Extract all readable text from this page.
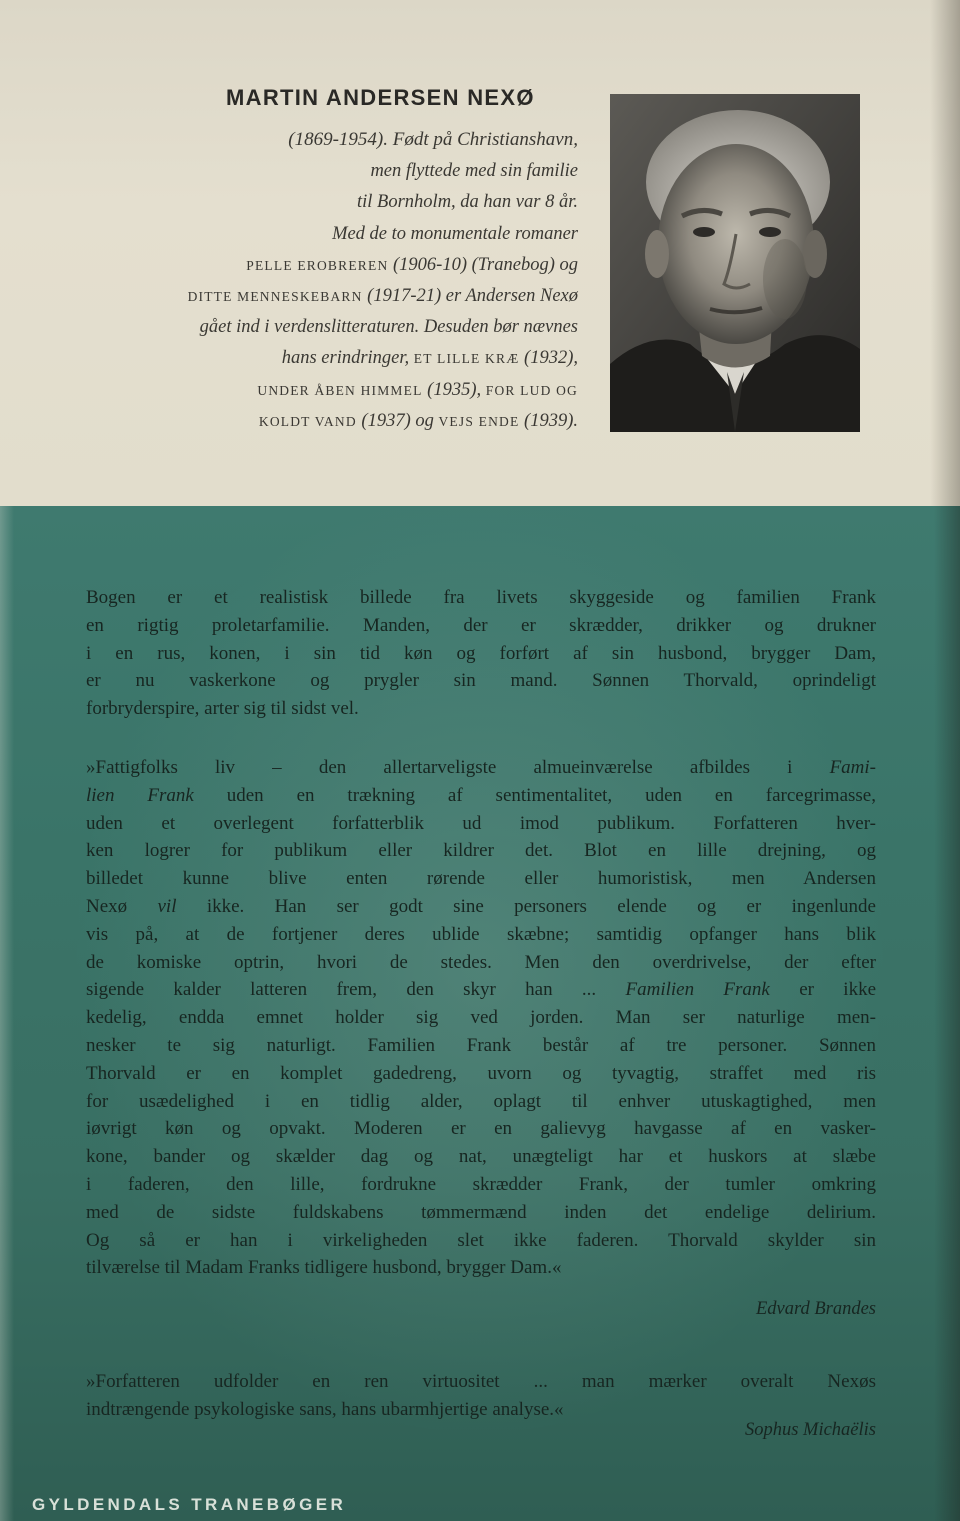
MARTIN ANDERSEN NEXØ
(1869-1954). Født på Christianshavn,
men flyttede med sin familie
til Bornholm, da han var 8 år.
Med de to monumentale romaner
PELLE EROBREREN (1906-10) (Tranebog) og
DITTE MENNESKEBARN (1917-21) er Andersen Nexø
gået ind i verdenslitteraturen. Desuden bør nævnes
hans erindringer, ET LILLE KRÆ (1932),
UNDER ÅBEN HIMMEL (1935), FOR LUD OG
KOLDT VAND (1937) og VEJS ENDE (1939).
Bogen er et realistisk billede fra livets skyggeside og familien Frank
en rigtig proletarfamilie. Manden, der er skrædder, drikker og drukner
i en rus, konen, i sin tid køn og forført af sin husbond, brygger Dam,
er nu vaskerkone og prygler sin mand. Sønnen Thorvald, oprindeligt
forbryderspire, arter sig til sidst vel.
»Fattigfolks liv – den allertarveligste almueinværelse afbildes i Fami-
lien Frank uden en trækning af sentimentalitet, uden en farcegrimasse,
uden et overlegent forfatterblik ud imod publikum. Forfatteren hver-
ken logrer for publikum eller kildrer det. Blot en lille drejning, og
billedet kunne blive enten rørende eller humoristisk, men Andersen
Nexø vil ikke. Han ser godt sine personers elende og er ingenlunde
vis på, at de fortjener deres ublide skæbne; samtidig opfanger hans blik
de komiske optrin, hvori de stedes. Men den overdrivelse, der efter
sigende kalder latteren frem, den skyr han ... Familien Frank er ikke
kedelig, endda emnet holder sig ved jorden. Man ser naturlige men-
nesker te sig naturligt. Familien Frank består af tre personer. Sønnen
Thorvald er en komplet gadedreng, uvorn og tyvagtig, straffet med ris
for usædelighed i en tidlig alder, oplagt til enhver utuskagtighed, men
iøvrigt køn og opvakt. Moderen er en galievyg havgasse af en vasker-
kone, bander og skælder dag og nat, unægteligt har et huskors at slæbe
i faderen, den lille, fordrukne skrædder Frank, der tumler omkring
med de sidste fuldskabens tømmermænd inden det endelige delirium.
Og så er han i virkeligheden slet ikke faderen. Thorvald skylder sin
tilværelse til Madam Franks tidligere husbond, brygger Dam.«
Edvard Brandes
»Forfatteren udfolder en ren virtuositet ... man mærker overalt Nexøs
indtrængende psykologiske sans, hans ubarmhjertige analyse.«
Sophus Michaëlis
GYLDENDALS TRANEBØGER
